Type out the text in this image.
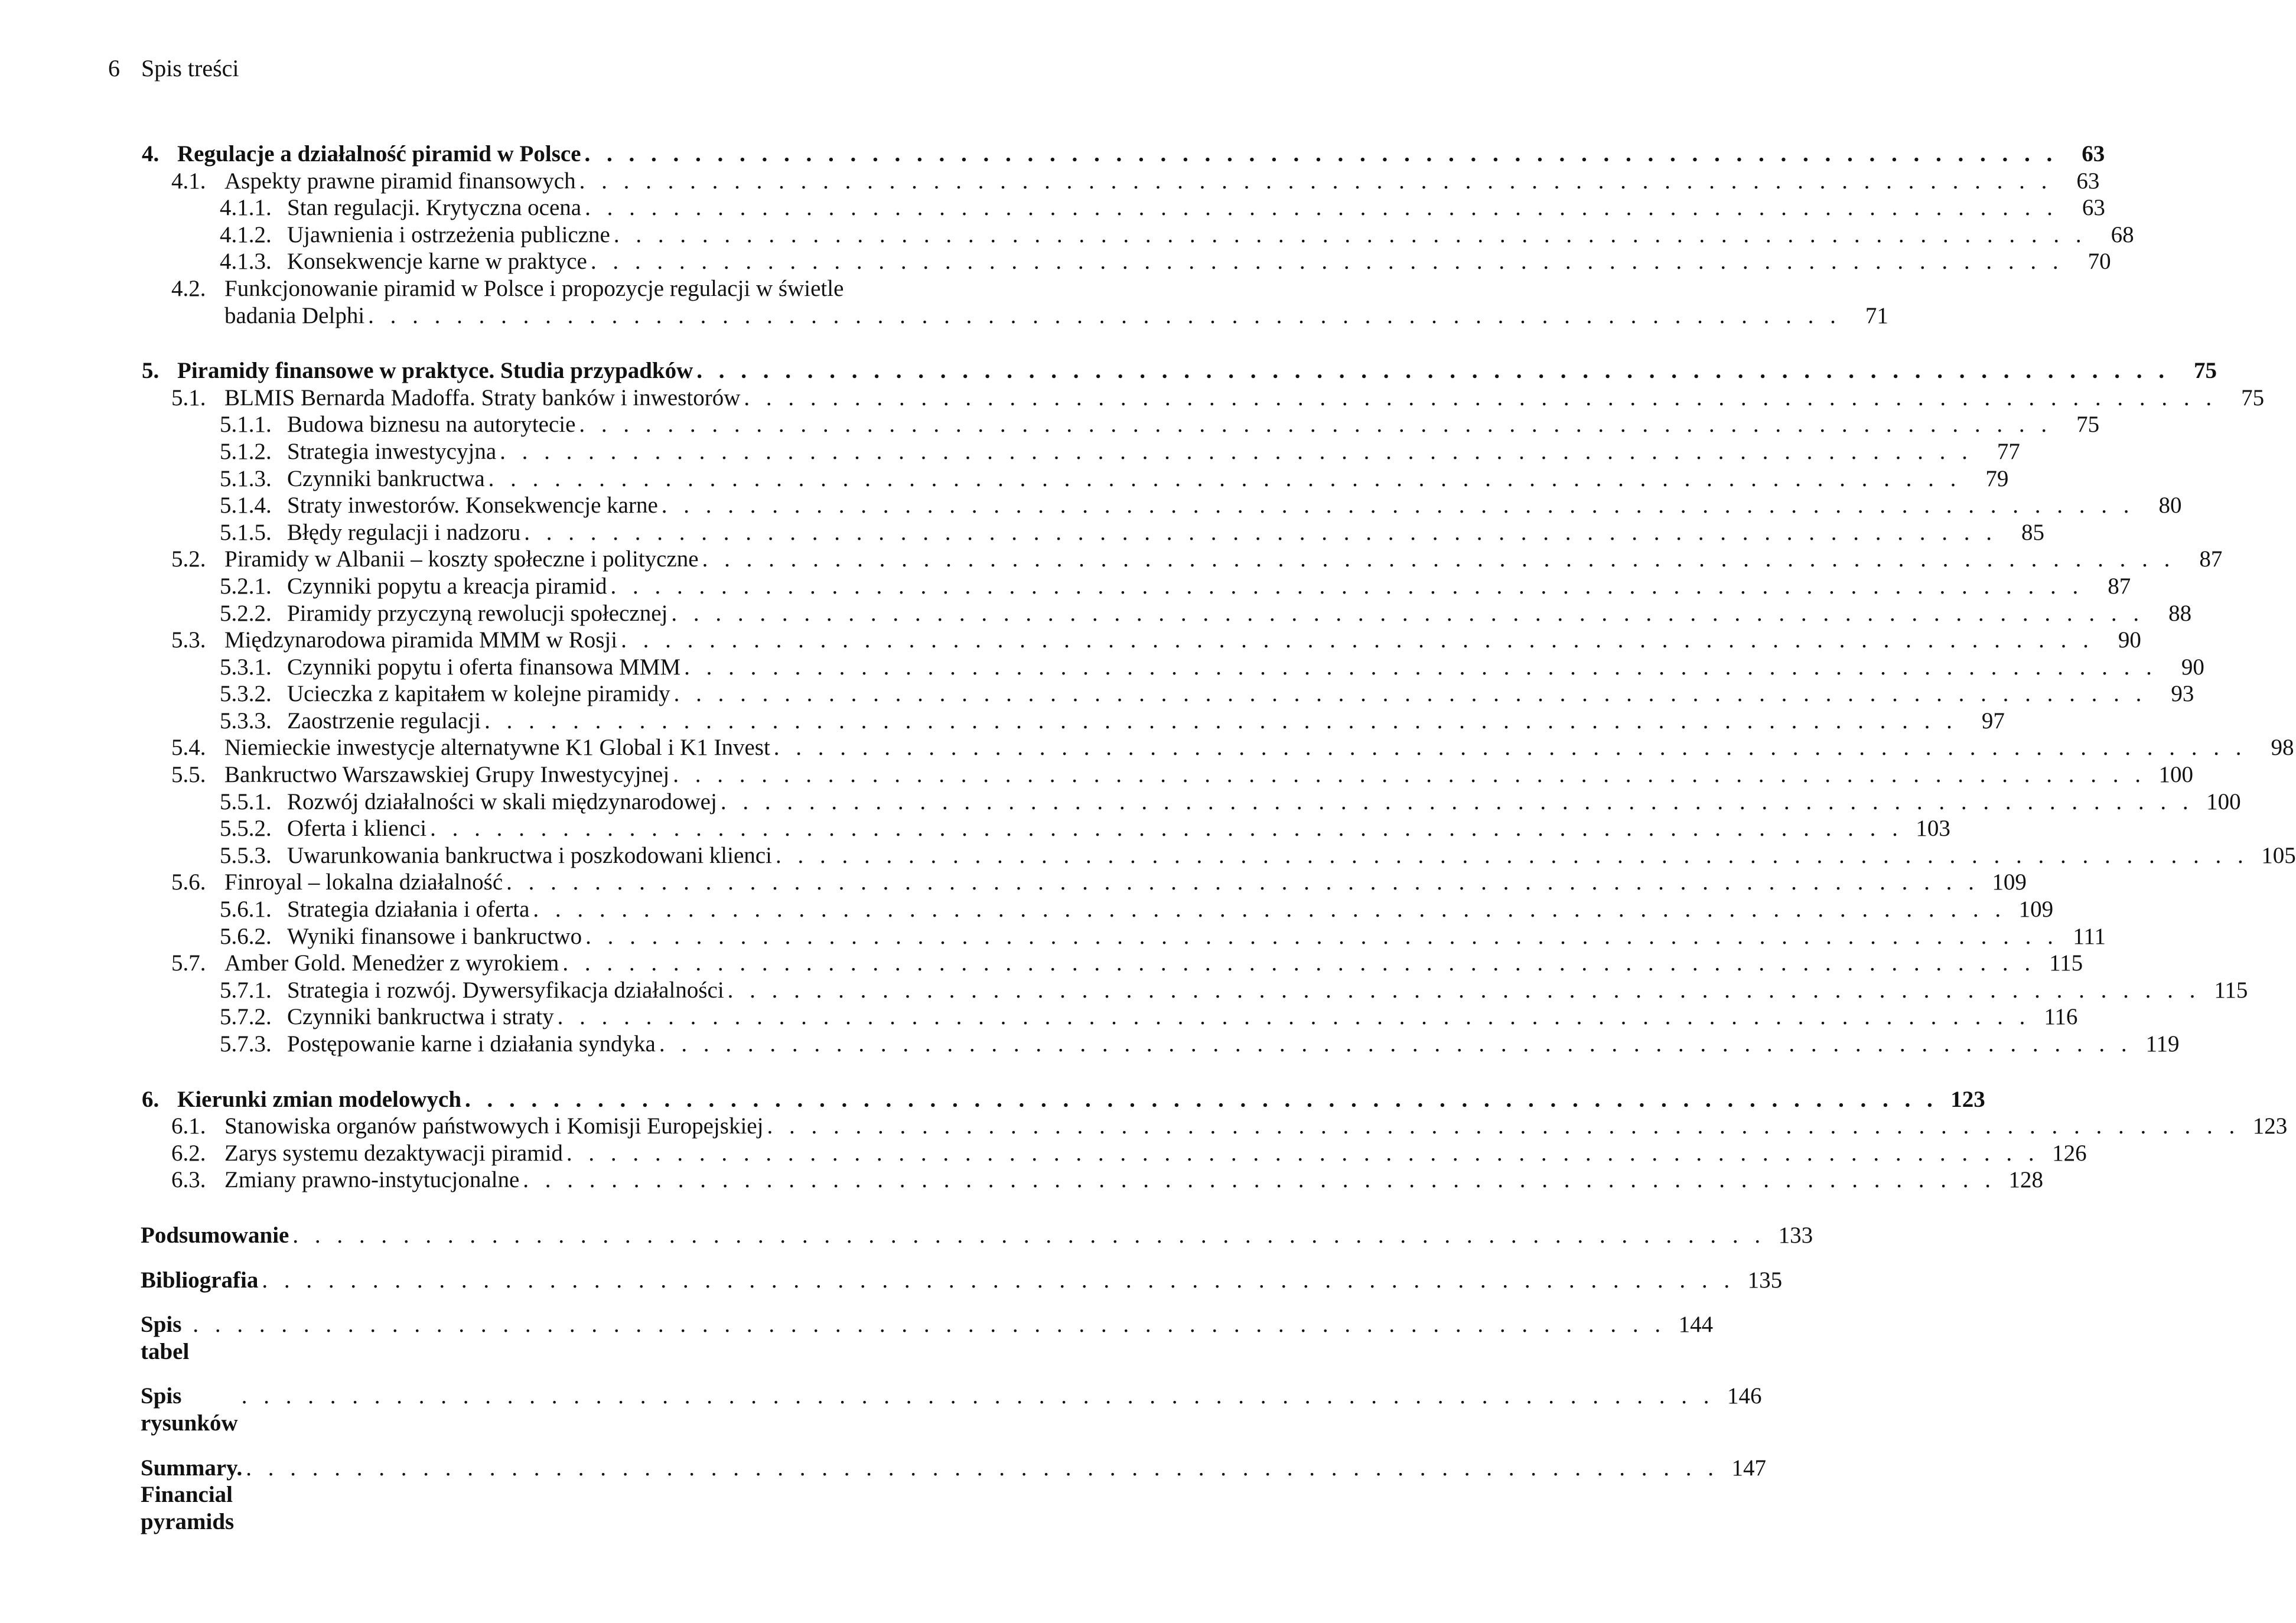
6 Spis treści
4. Regulacje a działalność piramid w Polsce . . . . . . . . . . . . . . . . . . . . . . . . . . . . . . . . . . . . . . . . . . . . . . . . . . . . . . . . . . . . . . . . . . .	63
4.1. Aspekty prawne piramid finansowych . . . . . . . . . . . . . . . . . . . . . . . . . . . . . . . . . . . . . . . . . . . . . . . . . . . . . . . . . . . . . . . . . . .	63
4.1.1. Stan regulacji. Krytyczna ocena . . . . . . . . . . . . . . . . . . . . . . . . . . . . . . . . . . . . . . . . . . . . . . . . . . . . . . . . . . . . . . . . . . .	63
4.1.2. Ujawnienia i ostrzeżenia publiczne . . . . . . . . . . . . . . . . . . . . . . . . . . . . . . . . . . . . . . . . . . . . . . . . . . . . . . . . . . . . . . . . . . .	68
4.1.3. Konsekwencje karne w praktyce . . . . . . . . . . . . . . . . . . . . . . . . . . . . . . . . . . . . . . . . . . . . . . . . . . . . . . . . . . . . . . . . . . .	70
4.2. Funkcjonowanie piramid w Polsce i propozycje regulacji w świetle
badania Delphi . . . . . . . . . . . . . . . . . . . . . . . . . . . . . . . . . . . . . . . . . . . . . . . . . . . . . . . . . . . . . . . . . . .	71
5. Piramidy finansowe w praktyce. Studia przypadków . . . . . . . . . . . . . . . . . . . . . . . . . . . . . . . . . . . . . . . . . . . . . . . . . . . . . . . . . . . . . . . . . . .	75
5.1. BLMIS Bernarda Madoffa. Straty banków i inwestorów . . . . . . . . . . . . . . . . . . . . . . . . . . . . . . . . . . . . . . . . . . . . . . . . . . . . . . . . . . . . . . . . . . .	75
5.1.1. Budowa biznesu na autorytecie . . . . . . . . . . . . . . . . . . . . . . . . . . . . . . . . . . . . . . . . . . . . . . . . . . . . . . . . . . . . . . . . . . .	75
5.1.2. Strategia inwestycyjna . . . . . . . . . . . . . . . . . . . . . . . . . . . . . . . . . . . . . . . . . . . . . . . . . . . . . . . . . . . . . . . . . . .	77
5.1.3. Czynniki bankructwa . . . . . . . . . . . . . . . . . . . . . . . . . . . . . . . . . . . . . . . . . . . . . . . . . . . . . . . . . . . . . . . . . . .	79
5.1.4. Straty inwestorów. Konsekwencje karne . . . . . . . . . . . . . . . . . . . . . . . . . . . . . . . . . . . . . . . . . . . . . . . . . . . . . . . . . . . . . . . . . . .	80
5.1.5. Błędy regulacji i nadzoru . . . . . . . . . . . . . . . . . . . . . . . . . . . . . . . . . . . . . . . . . . . . . . . . . . . . . . . . . . . . . . . . . . .	85
5.2. Piramidy w Albanii – koszty społeczne i polityczne . . . . . . . . . . . . . . . . . . . . . . . . . . . . . . . . . . . . . . . . . . . . . . . . . . . . . . . . . . . . . . . . . . .	87
5.2.1. Czynniki popytu a kreacja piramid . . . . . . . . . . . . . . . . . . . . . . . . . . . . . . . . . . . . . . . . . . . . . . . . . . . . . . . . . . . . . . . . . . .	87
5.2.2. Piramidy przyczyną rewolucji społecznej . . . . . . . . . . . . . . . . . . . . . . . . . . . . . . . . . . . . . . . . . . . . . . . . . . . . . . . . . . . . . . . . . . .	88
5.3. Międzynarodowa piramida MMM w Rosji . . . . . . . . . . . . . . . . . . . . . . . . . . . . . . . . . . . . . . . . . . . . . . . . . . . . . . . . . . . . . . . . . . .	90
5.3.1. Czynniki popytu i oferta finansowa MMM . . . . . . . . . . . . . . . . . . . . . . . . . . . . . . . . . . . . . . . . . . . . . . . . . . . . . . . . . . . . . . . . . . .	90
5.3.2. Ucieczka z kapitałem w kolejne piramidy . . . . . . . . . . . . . . . . . . . . . . . . . . . . . . . . . . . . . . . . . . . . . . . . . . . . . . . . . . . . . . . . . . .	93
5.3.3. Zaostrzenie regulacji . . . . . . . . . . . . . . . . . . . . . . . . . . . . . . . . . . . . . . . . . . . . . . . . . . . . . . . . . . . . . . . . . . .	97
5.4. Niemieckie inwestycje alternatywne K1 Global i K1 Invest . . . . . . . . . . . . . . . . . . . . . . . . . . . . . . . . . . . . . . . . . . . . . . . . . . . . . . . . . . . . . . . . . . .	98
5.5. Bankructwo Warszawskiej Grupy Inwestycyjnej . . . . . . . . . . . . . . . . . . . . . . . . . . . . . . . . . . . . . . . . . . . . . . . . . . . . . . . . . . . . . . . . . . . 100
5.5.1. Rozwój działalności w skali międzynarodowej . . . . . . . . . . . . . . . . . . . . . . . . . . . . . . . . . . . . . . . . . . . . . . . . . . . . . . . . . . . . . . . . . . . 100
5.5.2. Oferta i klienci . . . . . . . . . . . . . . . . . . . . . . . . . . . . . . . . . . . . . . . . . . . . . . . . . . . . . . . . . . . . . . . . . . . 103
5.5.3. Uwarunkowania bankructwa i poszkodowani klienci . . . . . . . . . . . . . . . . . . . . . . . . . . . . . . . . . . . . . . . . . . . . . . . . . . . . . . . . . . . . . . . . . . . 105
5.6. Finroyal – lokalna działalność . . . . . . . . . . . . . . . . . . . . . . . . . . . . . . . . . . . . . . . . . . . . . . . . . . . . . . . . . . . . . . . . . . . 109
5.6.1. Strategia działania i oferta . . . . . . . . . . . . . . . . . . . . . . . . . . . . . . . . . . . . . . . . . . . . . . . . . . . . . . . . . . . . . . . . . . . 109
5.6.2. Wyniki finansowe i bankructwo . . . . . . . . . . . . . . . . . . . . . . . . . . . . . . . . . . . . . . . . . . . . . . . . . . . . . . . . . . . . . . . . . . . 111
5.7. Amber Gold. Menedżer z wyrokiem . . . . . . . . . . . . . . . . . . . . . . . . . . . . . . . . . . . . . . . . . . . . . . . . . . . . . . . . . . . . . . . . . . . 115
5.7.1. Strategia i rozwój. Dywersyfikacja działalności . . . . . . . . . . . . . . . . . . . . . . . . . . . . . . . . . . . . . . . . . . . . . . . . . . . . . . . . . . . . . . . . . . . 115
5.7.2. Czynniki bankructwa i straty . . . . . . . . . . . . . . . . . . . . . . . . . . . . . . . . . . . . . . . . . . . . . . . . . . . . . . . . . . . . . . . . . . . 116
5.7.3. Postępowanie karne i działania syndyka . . . . . . . . . . . . . . . . . . . . . . . . . . . . . . . . . . . . . . . . . . . . . . . . . . . . . . . . . . . . . . . . . . . 119
6. Kierunki zmian modelowych . . . . . . . . . . . . . . . . . . . . . . . . . . . . . . . . . . . . . . . . . . . . . . . . . . . . . . . . . . . . . . . . . . . 123
6.1. Stanowiska organów państwowych i Komisji Europejskiej . . . . . . . . . . . . . . . . . . . . . . . . . . . . . . . . . . . . . . . . . . . . . . . . . . . . . . . . . . . . . . . . . . . 123
6.2. Zarys systemu dezaktywacji piramid . . . . . . . . . . . . . . . . . . . . . . . . . . . . . . . . . . . . . . . . . . . . . . . . . . . . . . . . . . . . . . . . . . . 126
6.3. Zmiany prawno-instytucjonalne . . . . . . . . . . . . . . . . . . . . . . . . . . . . . . . . . . . . . . . . . . . . . . . . . . . . . . . . . . . . . . . . . . . 128
Podsumowanie . . . . . . . . . . . . . . . . . . . . . . . . . . . . . . . . . . . . . . . . . . . . . . . . . . . . . . . . . . . . . . . . . . . 133
Bibliografia . . . . . . . . . . . . . . . . . . . . . . . . . . . . . . . . . . . . . . . . . . . . . . . . . . . . . . . . . . . . . . . . . . . 135
Spis tabel
. . . . . . . . . . . . . . . . . . . . . . . . . . . . . . . . . . . . . . . . . . . . . . . . . . . . . . . . . . . . . . . . . . . 144
Spis rysunków
. . . . . . . . . . . . . . . . . . . . . . . . . . . . . . . . . . . . . . . . . . . . . . . . . . . . . . . . . . . . . . . . . . . 146
Summary. Financial pyramids
. . . . . . . . . . . . . . . . . . . . . . . . . . . . . . . . . . . . . . . . . . . . . . . . . . . . . . . . . . . . . . . . . . . 147
